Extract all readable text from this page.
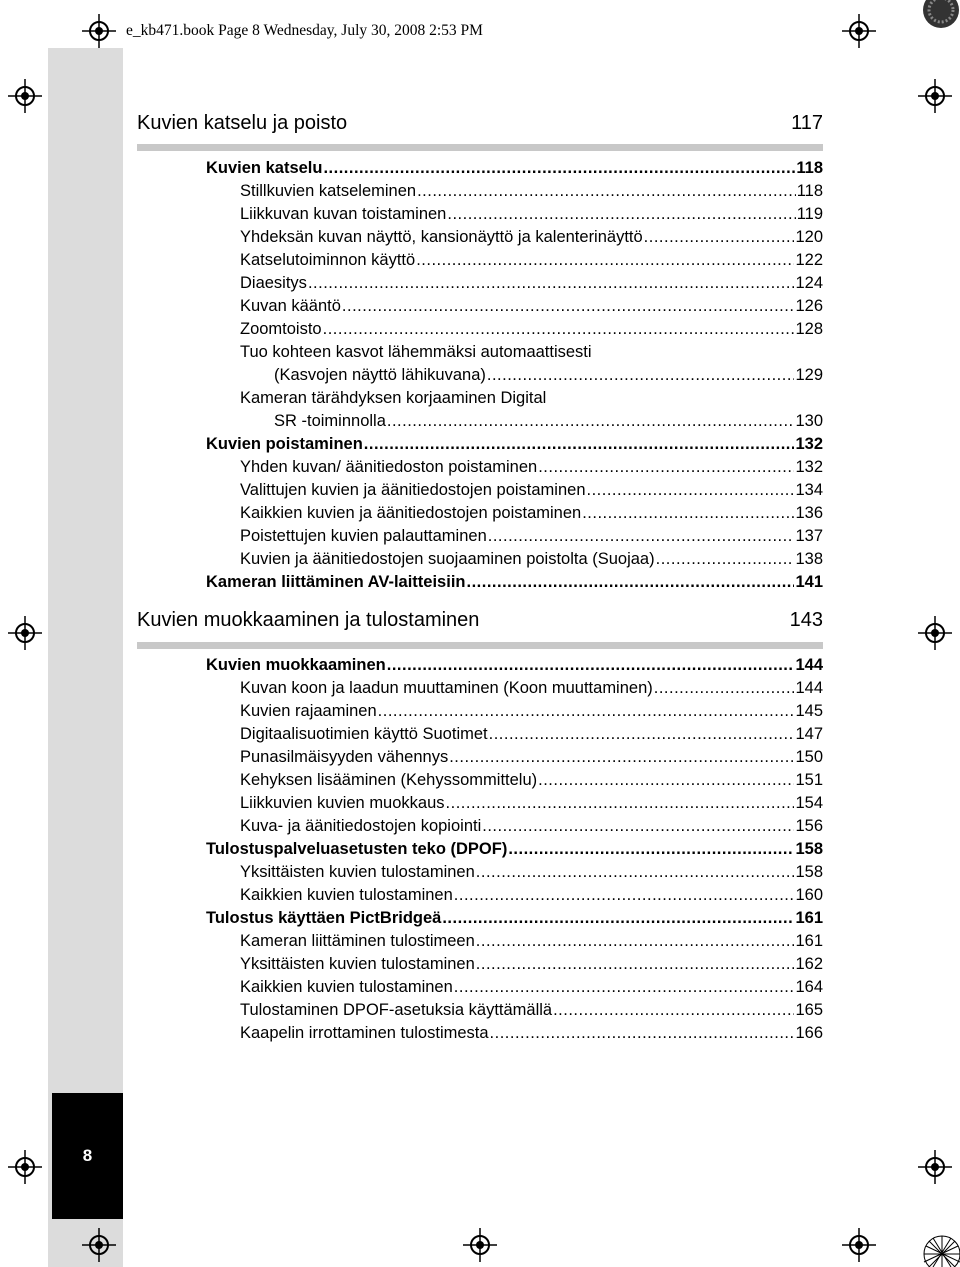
e_kb471.book Page 8 Wednesday, July 30, 2008 2:53 PM
Kuvien katselu ja poisto	117
Kuvien katselu .....	118
Stillkuvien katseleminen .....	118
Liikkuvan kuvan toistaminen .....	119
Yhdeksän kuvan näyttö, kansionäyttö ja kalenterinäyttö .....	120
Katselutoiminnon käyttö .....	122
Diaesitys .....	124
Kuvan kääntö .....	126
Zoomtoisto .....	128
Tuo kohteen kasvot lähemmäksi automaattisesti
(Kasvojen näyttö lähikuvana) .....	129
Kameran tärähdyksen korjaaminen Digital
SR -toiminnolla .....	130
Kuvien poistaminen .....	132
Yhden kuvan/ äänitiedoston poistaminen .....	132
Valittujen kuvien ja äänitiedostojen poistaminen .....	134
Kaikkien kuvien ja äänitiedostojen poistaminen .....	136
Poistettujen kuvien palauttaminen .....	137
Kuvien ja äänitiedostojen suojaaminen poistolta (Suojaa) .....	138
Kameran liittäminen AV-laitteisiin .....	141
Kuvien muokkaaminen ja tulostaminen	143
Kuvien muokkaaminen .....	144
Kuvan koon ja laadun muuttaminen (Koon muuttaminen) .....	144
Kuvien rajaaminen .....	145
Digitaalisuotimien käyttö Suotimet .....	147
Punasilmäisyyden vähennys .....	150
Kehyksen lisääminen (Kehyssommittelu) .....	151
Liikkuvien kuvien muokkaus .....	154
Kuva- ja äänitiedostojen kopiointi .....	156
Tulostuspalveluasetusten teko (DPOF) .....	158
Yksittäisten kuvien tulostaminen .....	158
Kaikkien kuvien tulostaminen .....	160
Tulostus käyttäen PictBridgeä .....	161
Kameran liittäminen tulostimeen .....	161
Yksittäisten kuvien tulostaminen .....	162
Kaikkien kuvien tulostaminen .....	164
Tulostaminen DPOF-asetuksia käyttämällä .....	165
Kaapelin irrottaminen tulostimesta .....	166
8
